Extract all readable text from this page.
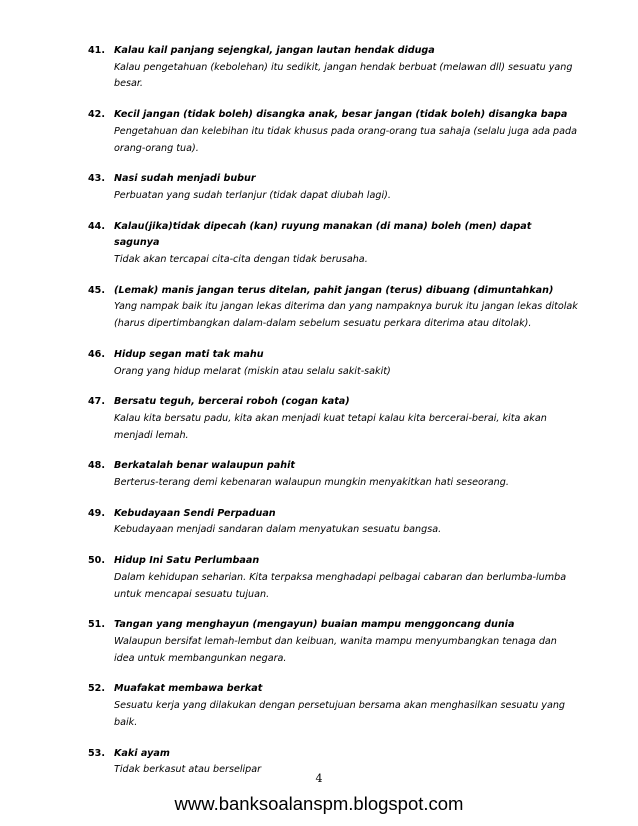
41. Kalau kail panjang sejengkal, jangan lautan hendak diduga
Kalau pengetahuan (kebolehan) itu sedikit, jangan hendak berbuat (melawan dll) sesuatu yang besar.
42. Kecil jangan (tidak boleh) disangka anak, besar jangan (tidak boleh) disangka bapa
Pengetahuan dan kelebihan itu tidak khusus pada orang-orang tua sahaja (selalu juga ada pada orang-orang tua).
43. Nasi sudah menjadi bubur
Perbuatan yang sudah terlanjur (tidak dapat diubah lagi).
44. Kalau(jika)tidak dipecah (kan) ruyung manakan (di mana) boleh (men) dapat sagunya
Tidak akan tercapai cita-cita dengan tidak berusaha.
45. (Lemak) manis jangan terus ditelan, pahit jangan (terus) dibuang (dimuntahkan)
Yang nampak baik itu jangan lekas diterima dan yang nampaknya buruk itu jangan lekas ditolak (harus dipertimbangkan dalam-dalam sebelum sesuatu perkara diterima atau ditolak).
46. Hidup segan mati tak mahu
Orang yang hidup melarat (miskin atau selalu sakit-sakit)
47. Bersatu teguh, bercerai roboh (cogan kata)
Kalau kita bersatu padu, kita akan menjadi kuat tetapi kalau kita bercerai-berai, kita akan menjadi lemah.
48. Berkatalah benar walaupun pahit
Berterus-terang demi kebenaran walaupun mungkin menyakitkan hati seseorang.
49. Kebudayaan Sendi Perpaduan
Kebudayaan menjadi sandaran dalam menyatukan sesuatu bangsa.
50. Hidup Ini Satu Perlumbaan
Dalam kehidupan seharian. Kita terpaksa menghadapi pelbagai cabaran dan berlumba-lumba untuk mencapai sesuatu tujuan.
51. Tangan yang menghayun (mengayun) buaian mampu menggoncang dunia
Walaupun bersifat lemah-lembut dan keibuan, wanita mampu menyumbangkan tenaga dan idea untuk membangunkan negara.
52. Muafakat membawa berkat
Sesuatu kerja yang dilakukan dengan persetujuan bersama akan menghasilkan sesuatu yang baik.
53. Kaki ayam
Tidak berkasut atau berselipar
4
www.banksoalanspm.blogspot.com
